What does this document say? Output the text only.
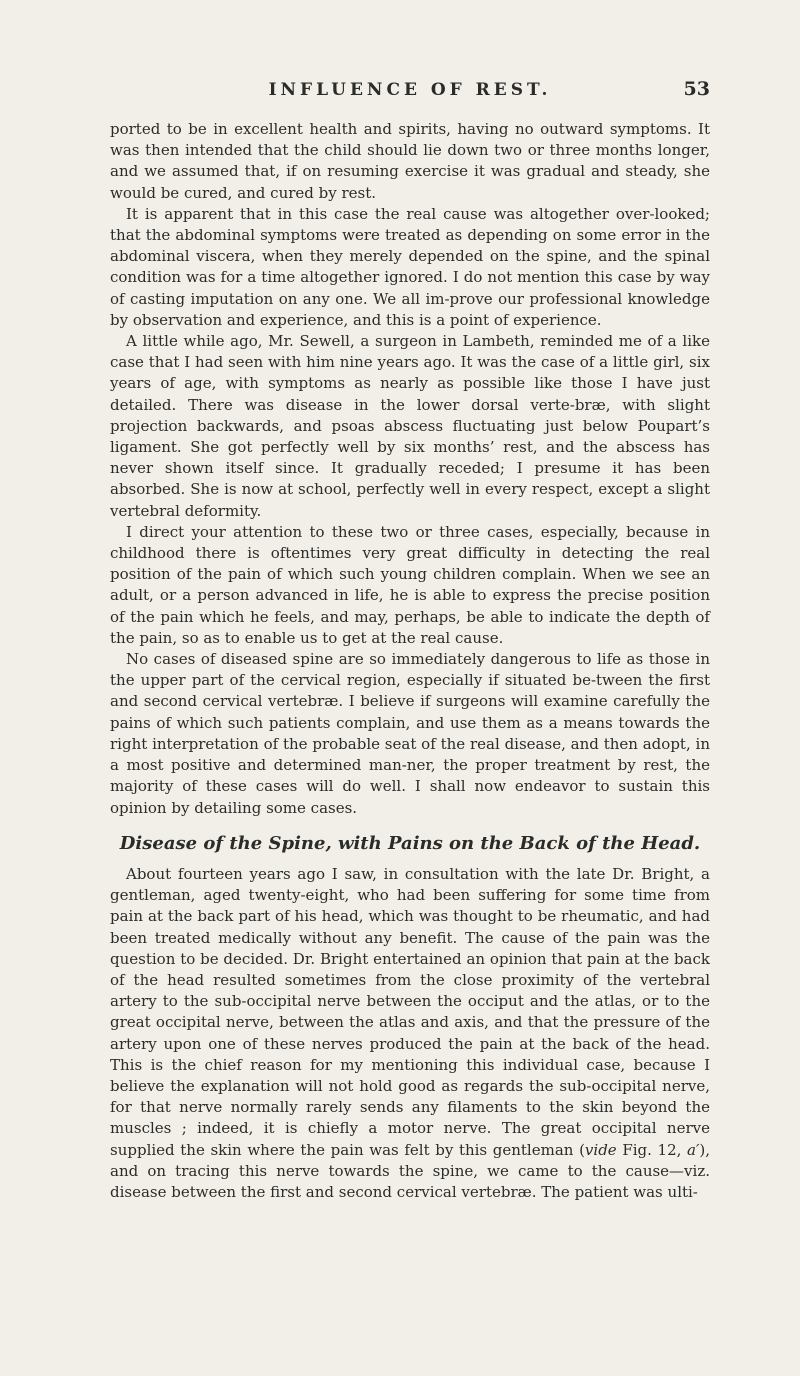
INFLUENCE OF REST.	53

ported to be in excellent health and spirits, having no outward symptoms. It was then intended that the child should lie down two or three months longer, and we assumed that, if on resuming exercise it was gradual and steady, she would be cured, and cured by rest.

It is apparent that in this case the real cause was altogether over-looked; that the abdominal symptoms were treated as depending on some error in the abdominal viscera, when they merely depended on the spine, and the spinal condition was for a time altogether ignored. I do not mention this case by way of casting imputation on any one. We all im-prove our professional knowledge by observation and experience, and this is a point of experience.

A little while ago, Mr. Sewell, a surgeon in Lambeth, reminded me of a like case that I had seen with him nine years ago. It was the case of a little girl, six years of age, with symptoms as nearly as possible like those I have just detailed. There was disease in the lower dorsal verte-bræ, with slight projection backwards, and psoas abscess fluctuating just below Poupart’s ligament. She got perfectly well by six months’ rest, and the abscess has never shown itself since. It gradually receded; I presume it has been absorbed. She is now at school, perfectly well in every respect, except a slight vertebral deformity.

I direct your attention to these two or three cases, especially, because in childhood there is oftentimes very great difficulty in detecting the real position of the pain of which such young children complain. When we see an adult, or a person advanced in life, he is able to express the precise position of the pain which he feels, and may, perhaps, be able to indicate the depth of the pain, so as to enable us to get at the real cause.

No cases of diseased spine are so immediately dangerous to life as those in the upper part of the cervical region, especially if situated be-tween the first and second cervical vertebræ. I believe if surgeons will examine carefully the pains of which such patients complain, and use them as a means towards the right interpretation of the probable seat of the real disease, and then adopt, in a most positive and determined man-ner, the proper treatment by rest, the majority of these cases will do well. I shall now endeavor to sustain this opinion by detailing some cases.

Disease of the Spine, with Pains on the Back of the Head.

About fourteen years ago I saw, in consultation with the late Dr. Bright, a gentleman, aged twenty-eight, who had been suffering for some time from pain at the back part of his head, which was thought to be rheumatic, and had been treated medically without any benefit. The cause of the pain was the question to be decided. Dr. Bright entertained an opinion that pain at the back of the head resulted sometimes from the close proximity of the vertebral artery to the sub-occipital nerve between the occiput and the atlas, or to the great occipital nerve, between the atlas and axis, and that the pressure of the artery upon one of these nerves produced the pain at the back of the head. This is the chief reason for my mentioning this individual case, because I believe the explanation will not hold good as regards the sub-occipital nerve, for that nerve normally rarely sends any filaments to the skin beyond the muscles ; indeed, it is chiefly a motor nerve. The great occipital nerve supplied the skin where the pain was felt by this gentleman (vide Fig. 12, a′), and on tracing this nerve towards the spine, we came to the cause—viz. disease between the first and second cervical vertebræ. The patient was ulti-
